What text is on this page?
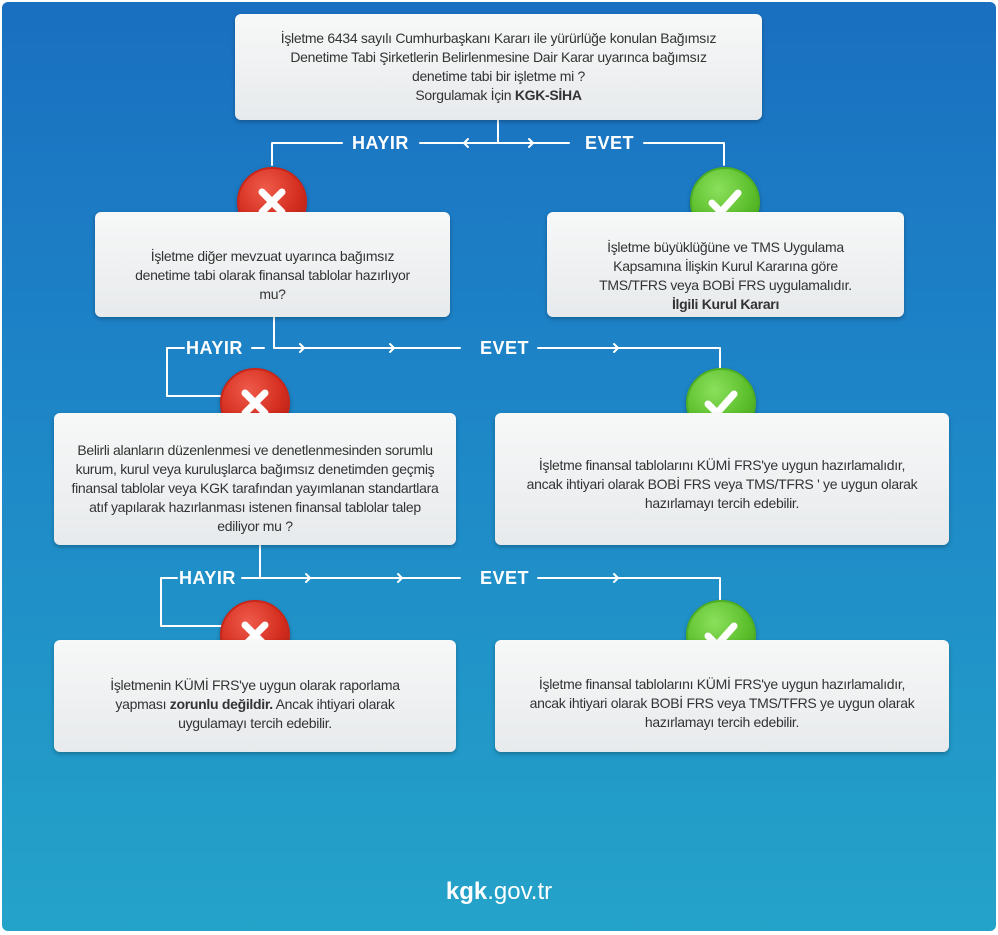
İşletme 6434 sayılı Cumhurbaşkanı Kararı ile yürürlüğe konulan Bağımsız Denetime Tabi Şirketlerin Belirlenmesine Dair Karar uyarınca bağımsız denetime tabi bir işletme mi ?
Sorgulamak İçin KGK-SİHA
HAYIR	EVET
İşletme diğer mevzuat uyarınca bağımsız denetime tabi olarak finansal tablolar hazırlıyor mu?
İşletme büyüklüğüne ve TMS Uygulama Kapsamına İlişkin Kurul Kararına göre TMS/TFRS veya BOBİ FRS uygulamalıdır.
İlgili Kurul Kararı
HAYIR	EVET
Belirli alanların düzenlenmesi ve denetlenmesinden sorumlu kurum, kurul veya kuruluşlarca bağımsız denetimden geçmiş finansal tablolar veya KGK tarafından yayımlanan standartlara atıf yapılarak hazırlanması istenen finansal tablolar talep ediliyor mu ?
İşletme finansal tablolarını KÜMİ FRS'ye uygun hazırlamalıdır, ancak ihtiyari olarak BOBİ FRS veya TMS/TFRS ' ye uygun olarak hazırlamayı tercih edebilir.
HAYIR	EVET
İşletmenin KÜMİ FRS'ye uygun olarak raporlama yapması zorunlu değildir. Ancak ihtiyari olarak uygulamayı tercih edebilir.
İşletme finansal tablolarını KÜMİ FRS'ye uygun hazırlamalıdır, ancak ihtiyari olarak BOBİ FRS veya TMS/TFRS ye uygun olarak hazırlamayı tercih edebilir.
kgk.gov.tr
